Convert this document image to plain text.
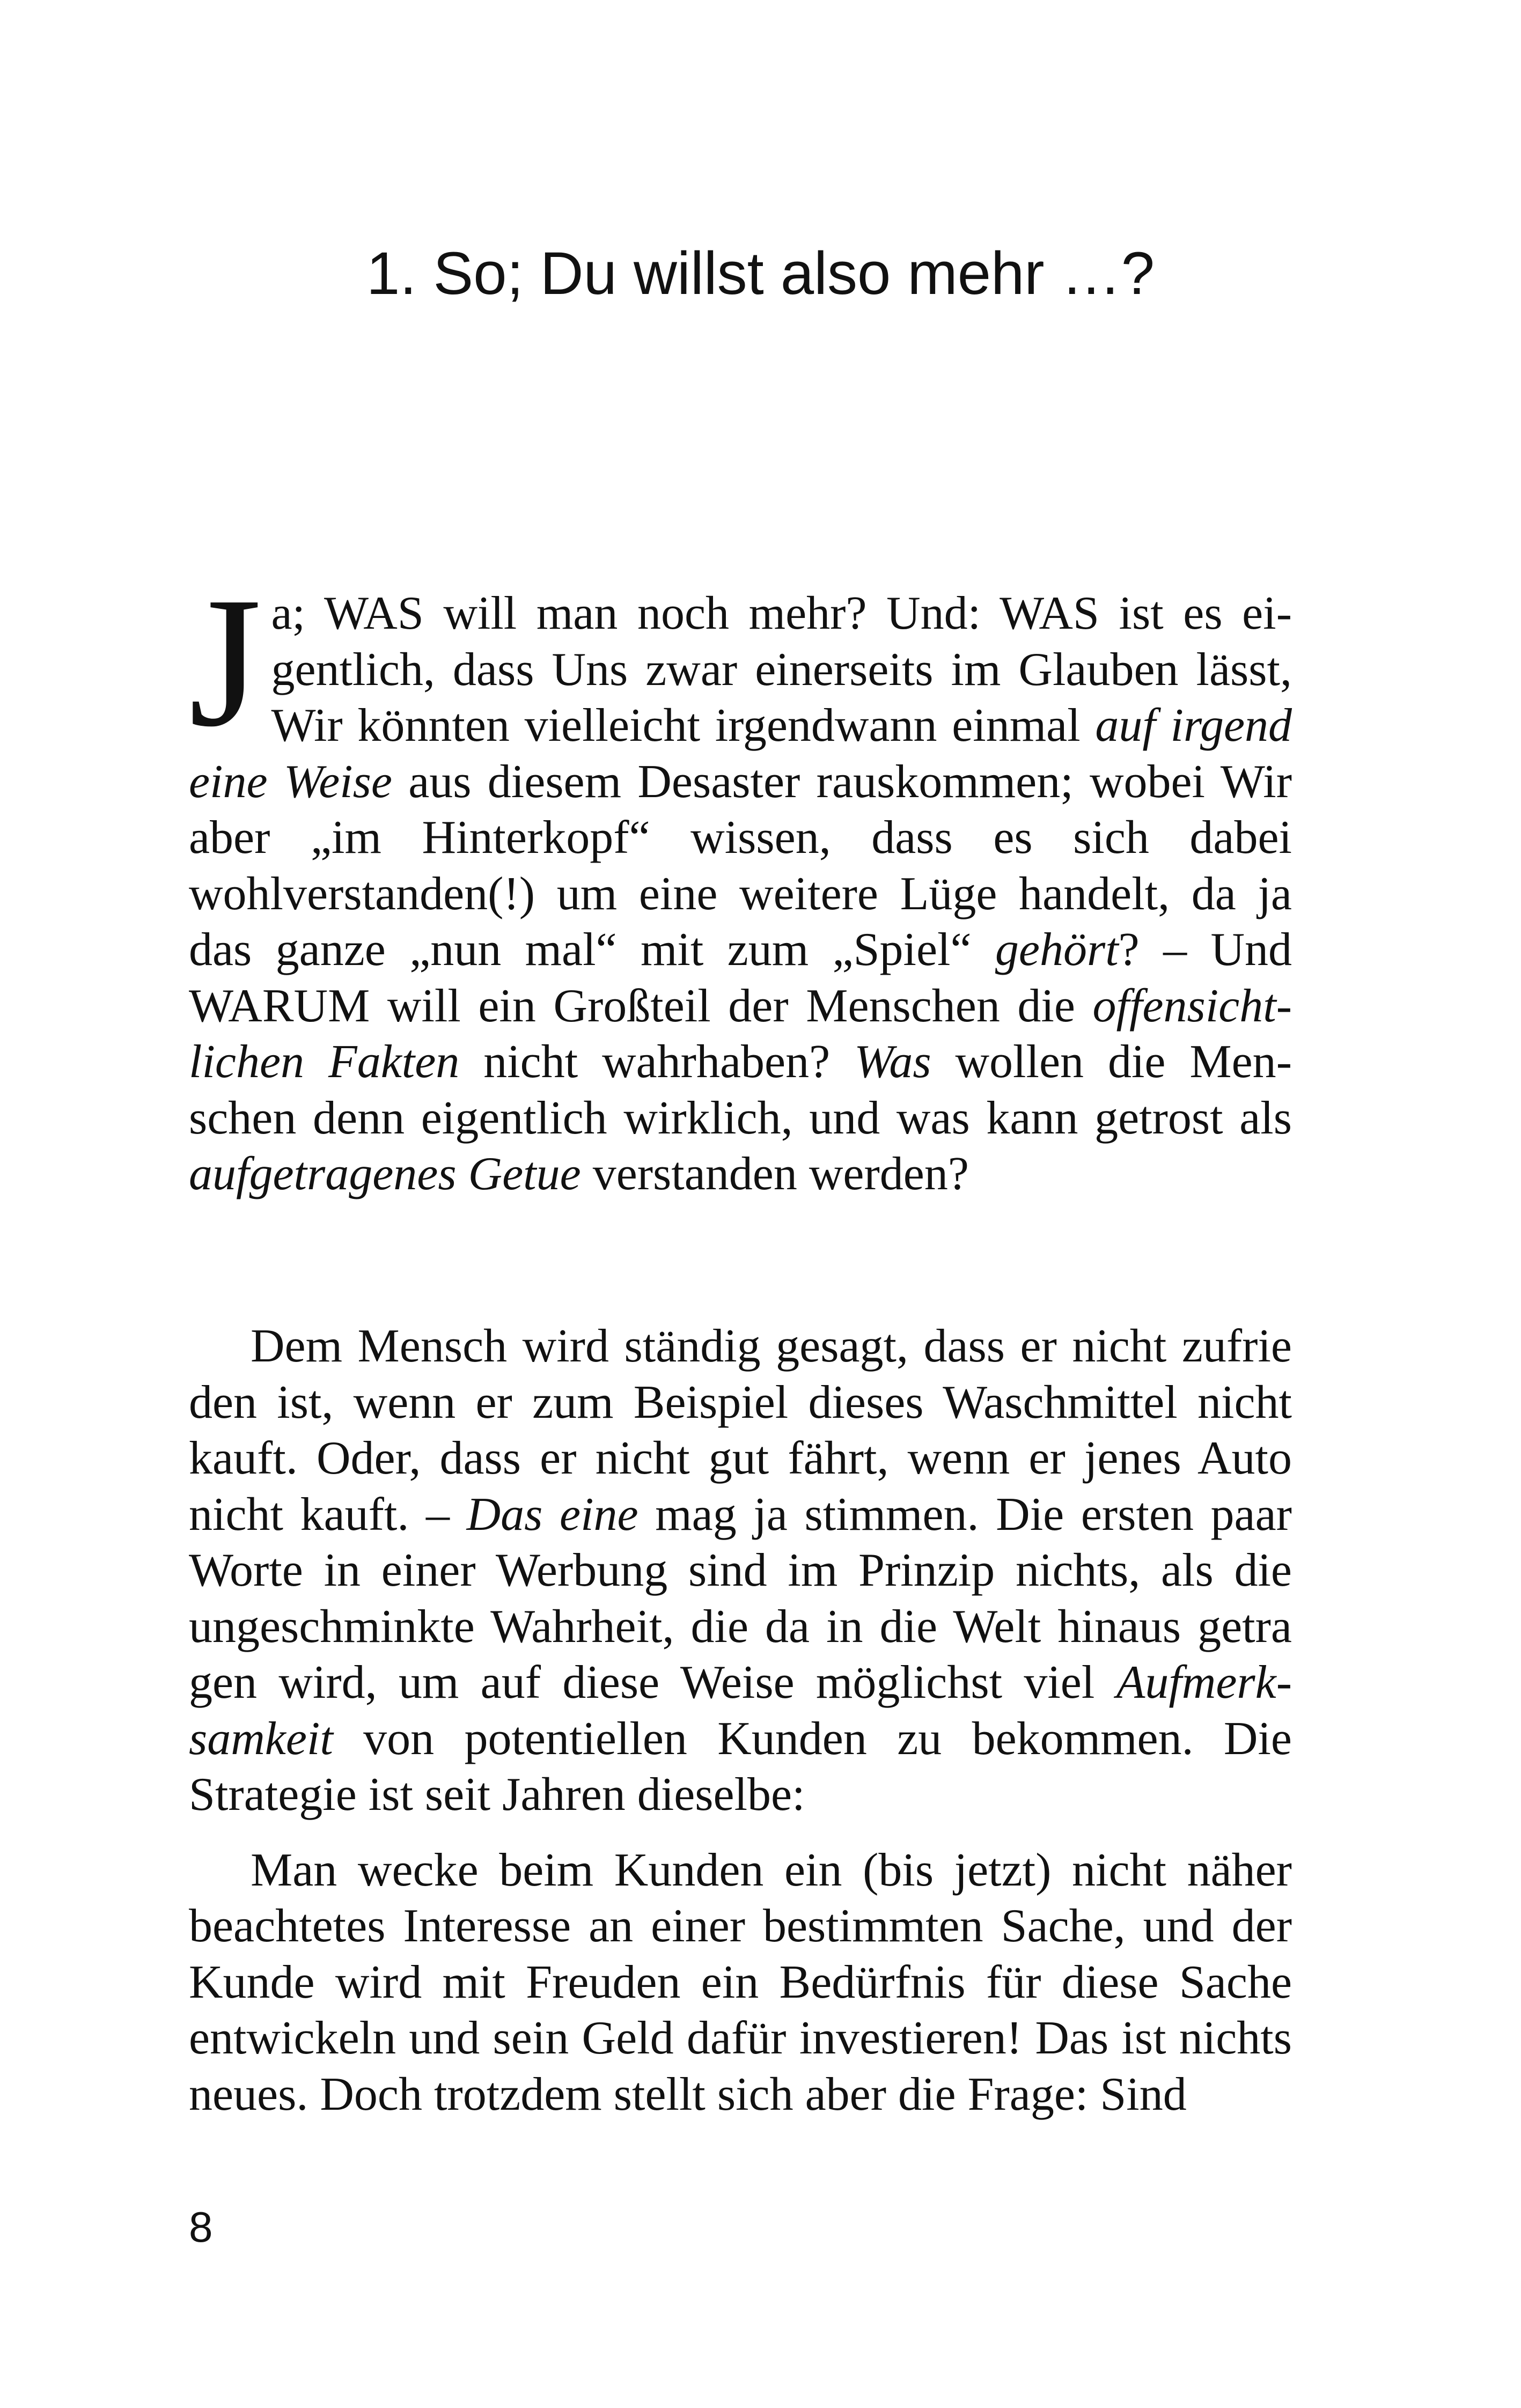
1. So; Du willst also mehr …?
J a; WAS will man noch mehr? Und: WAS ist es eigentlich, dass Uns zwar einerseits im Glauben lässt, Wir könnten vielleicht irgendwann einmal auf irgend eine Weise aus diesem Desaster rauskommen; wobei Wir aber „im Hinterkopf“ wissen, dass es sich dabei wohlverstanden(!) um eine weitere Lüge handelt, da ja das ganze „nun mal“ mit zum „Spiel“ gehört? – Und WARUM will ein Großteil der Menschen die offensichtlichen Fakten nicht wahrhaben? Was wollen die Menschen denn eigentlich wirklich, und was kann getrost als aufgetragenes Getue verstanden werden?

Dem Mensch wird ständig gesagt, dass er nicht zufrie den ist, wenn er zum Beispiel dieses Waschmittel nicht kauft. Oder, dass er nicht gut fährt, wenn er jenes Auto nicht kauft. – Das eine mag ja stimmen. Die ersten paar Worte in einer Werbung sind im Prinzip nichts, als die ungeschminkte Wahrheit, die da in die Welt hinaus getra gen wird, um auf diese Weise möglichst viel Aufmerksamkeit von potentiellen Kunden zu bekommen. Die Strategie ist seit Jahren dieselbe:

Man wecke beim Kunden ein (bis jetzt) nicht näher beachtetes Interesse an einer bestimmten Sache, und der Kunde wird mit Freuden ein Bedürfnis für diese Sache entwickeln und sein Geld dafür investieren! Das ist nichts neues. Doch trotzdem stellt sich aber die Frage: Sind

8
